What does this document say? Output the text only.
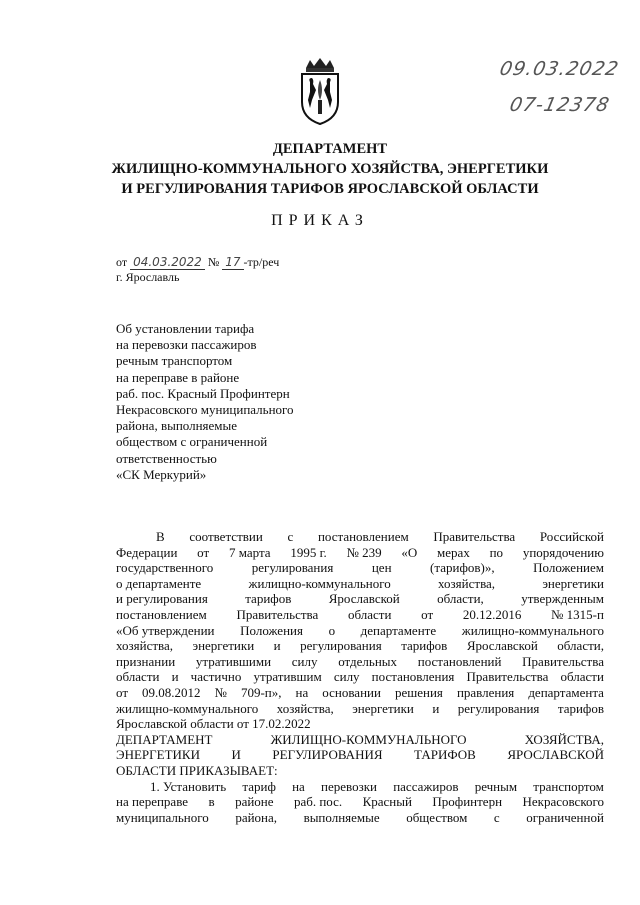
09.03.2022
07-12378
ДЕПАРТАМЕНТ
ЖИЛИЩНО-КОММУНАЛЬНОГО ХОЗЯЙСТВА, ЭНЕРГЕТИКИ
И РЕГУЛИРОВАНИЯ ТАРИФОВ ЯРОСЛАВСКОЙ ОБЛАСТИ
ПРИКАЗ
от 04.03.2022 № 17 -тр/реч
г. Ярославль
Об установлении тарифа
на перевозки пассажиров
речным транспортом
на переправе в районе
раб. пос. Красный Профинтерн
Некрасовского муниципального
района, выполняемые
обществом с ограниченной
ответственностью
«СК Меркурий»
В соответствии с постановлением Правительства Российской
Федерации от 7 марта 1995 г. № 239 «О мерах по упорядочению
государственного	регулирования	цен	(тарифов)»,	Положением
о департаменте	жилищно-коммунального	хозяйства,	энергетики
и регулирования	тарифов	Ярославской	области,	утвержденным
постановлением Правительства области от 20.12.2016 № 1315-п
«Об утверждении Положения о департаменте жилищно-коммунального
хозяйства, энергетики и регулирования тарифов Ярославской области,
признании утратившими силу отдельных постановлений Правительства
области и частично утратившим силу постановления Правительства области
от 09.08.2012 № 709-п», на основании решения правления департамента
жилищно-коммунального хозяйства, энергетики и регулирования тарифов
Ярославской области от 17.02.2022
ДЕПАРТАМЕНТ	ЖИЛИЩНО-КОММУНАЛЬНОГО	ХОЗЯЙСТВА,
ЭНЕРГЕТИКИ И РЕГУЛИРОВАНИЯ ТАРИФОВ ЯРОСЛАВСКОЙ
ОБЛАСТИ ПРИКАЗЫВАЕТ:
1. Установить тариф на перевозки пассажиров речным транспортом
на переправе в районе раб. пос. Красный Профинтерн Некрасовского
муниципального района, выполняемые обществом с ограниченной
